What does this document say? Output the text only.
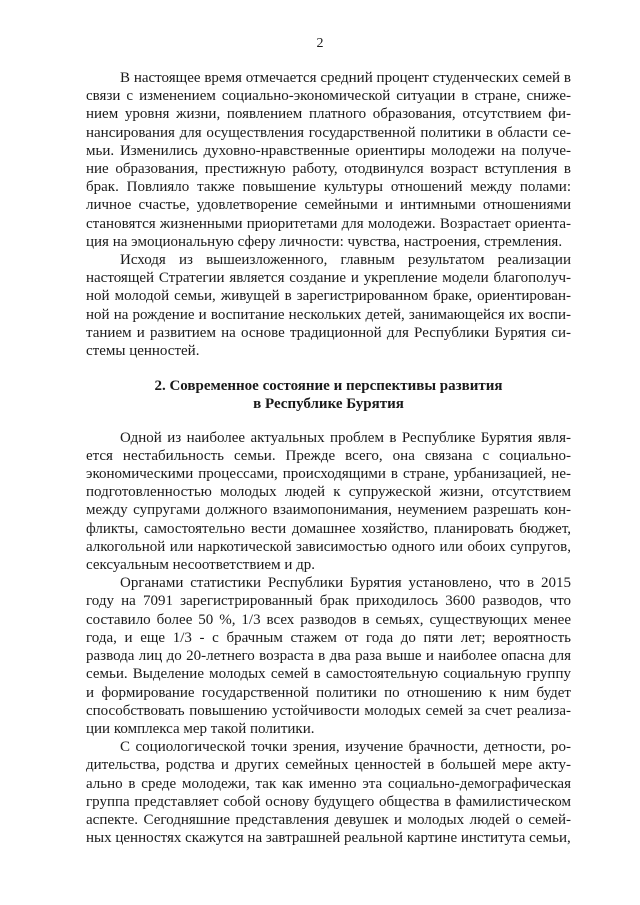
2

В настоящее время отмечается средний процент студенческих семей в связи с изменением социально-экономической ситуации в стране, снижением уровня жизни, появлением платного образования, отсутствием финансирования для осуществления государственной политики в области семьи. Изменились духовно-нравственные ориентиры молодежи на получение образования, престижную работу, отодвинулся возраст вступления в брак. Повлияло также повышение культуры отношений между полами: личное счастье, удовлетворение семейными и интимными отношениями становятся жизненными приоритетами для молодежи. Возрастает ориентация на эмоциональную сферу личности: чувства, настроения, стремления.

Исходя из вышеизложенного, главным результатом реализации настоящей Стратегии является создание и укрепление модели благополучной молодой семьи, живущей в зарегистрированном браке, ориентированной на рождение и воспитание нескольких детей, занимающейся их воспитанием и развитием на основе традиционной для Республики Бурятия системы ценностей.

2. Современное состояние и перспективы развития
в Республике Бурятия

Одной из наиболее актуальных проблем в Республике Бурятия является нестабильность семьи. Прежде всего, она связана с социально-экономическими процессами, происходящими в стране, урбанизацией, неподготовленностью молодых людей к супружеской жизни, отсутствием между супругами должного взаимопонимания, неумением разрешать конфликты, самостоятельно вести домашнее хозяйство, планировать бюджет, алкогольной или наркотической зависимостью одного или обоих супругов, сексуальным несоответствием и др.

Органами статистики Республики Бурятия установлено, что в 2015 году на 7091 зарегистрированный брак приходилось 3600 разводов, что составило более 50 %, 1/3 всех разводов в семьях, существующих менее года, и еще 1/3 - с брачным стажем от года до пяти лет; вероятность развода лиц до 20-летнего возраста в два раза выше и наиболее опасна для семьи. Выделение молодых семей в самостоятельную социальную группу и формирование государственной политики по отношению к ним будет способствовать повышению устойчивости молодых семей за счет реализации комплекса мер такой политики.

С социологической точки зрения, изучение брачности, детности, родительства, родства и других семейных ценностей в большей мере актуально в среде молодежи, так как именно эта социально-демографическая группа представляет собой основу будущего общества в фамилистическом аспекте. Сегодняшние представления девушек и молодых людей о семейных ценностях скажутся на завтрашней реальной картине института семьи,
